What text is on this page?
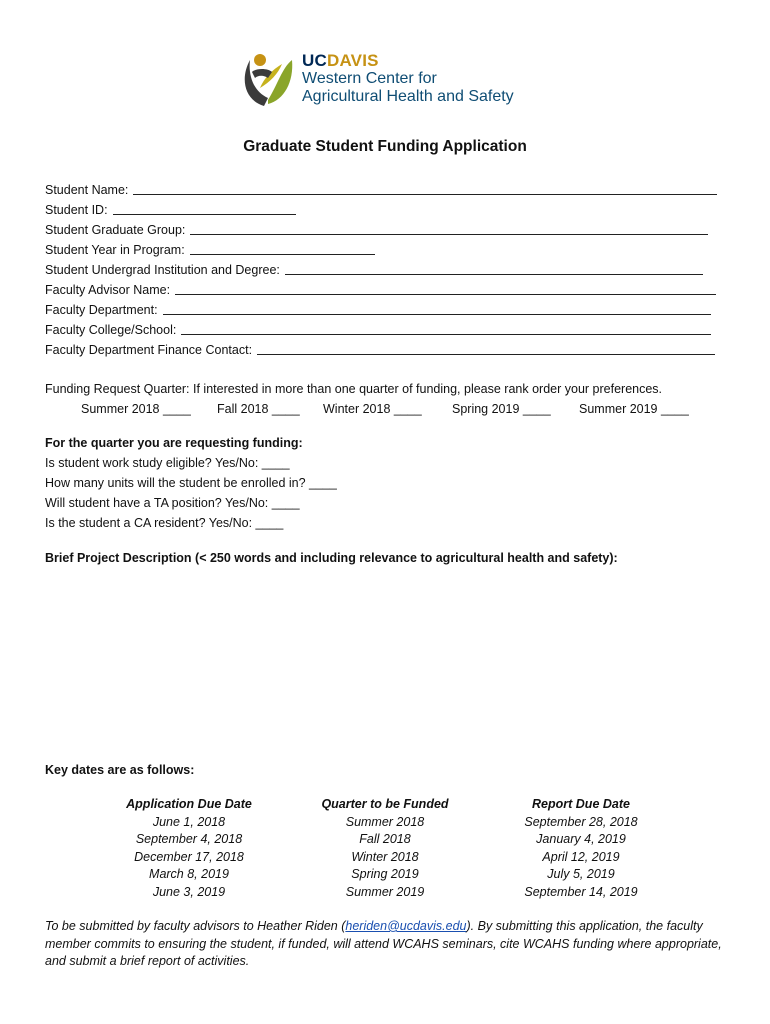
UCDAVIS
Western Center for
Agricultural Health and Safety
Graduate Student Funding Application
Student Name:
Student ID:
Student Graduate Group:
Student Year in Program:
Student Undergrad Institution and Degree:
Faculty Advisor Name:
Faculty Department:
Faculty College/School:
Faculty Department Finance Contact:
Funding Request Quarter: If interested in more than one quarter of funding, please rank order your preferences.
Summer 2018 ____ Fall 2018 ____ Winter 2018 ____ Spring 2019 ____ Summer 2019 ____
For the quarter you are requesting funding:
Is student work study eligible? Yes/No: ____
How many units will the student be enrolled in? ____
Will student have a TA position? Yes/No: ____
Is the student a CA resident? Yes/No: ____
Brief Project Description (< 250 words and including relevance to agricultural health and safety):
Key dates are as follows:
Application Due Date
June 1, 2018
September 4, 2018
December 17, 2018
March 8, 2019
June 3, 2019
Quarter to be Funded
Summer 2018
Fall 2018
Winter 2018
Spring 2019
Summer 2019
Report Due Date
September 28, 2018
January 4, 2019
April 12, 2019
July 5, 2019
September 14, 2019
To be submitted by faculty advisors to Heather Riden (heriden@ucdavis.edu). By submitting this application, the faculty member commits to ensuring the student, if funded, will attend WCAHS seminars, cite WCAHS funding where appropriate, and submit a brief report of activities.
